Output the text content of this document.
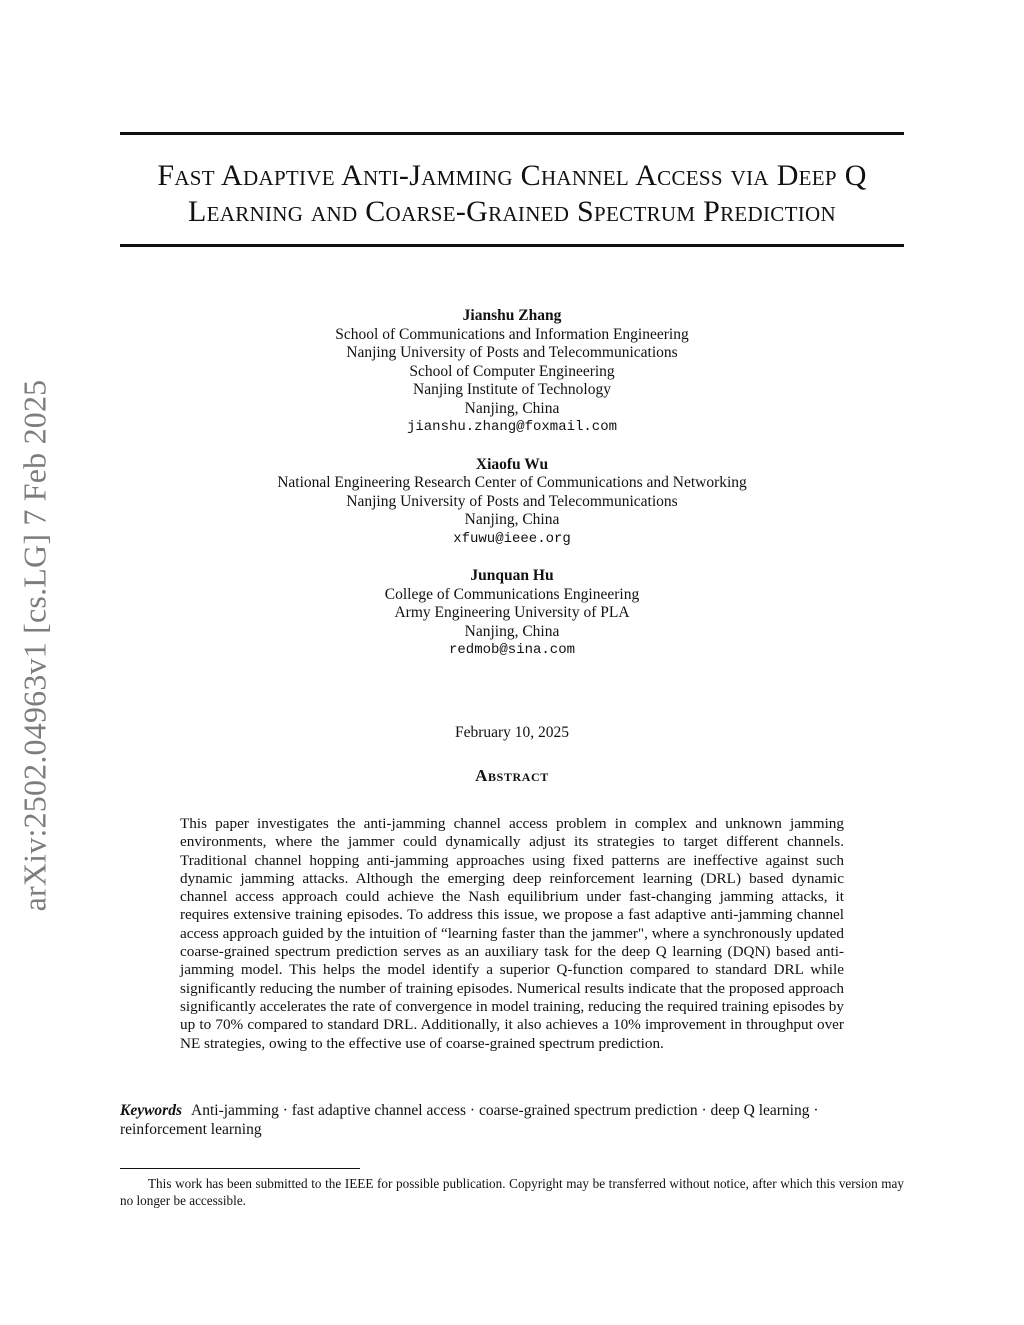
arXiv:2502.04963v1 [cs.LG] 7 Feb 2025
Fast Adaptive Anti-Jamming Channel Access via Deep Q
Learning and Coarse-Grained Spectrum Prediction
Jianshu Zhang
School of Communications and Information Engineering
Nanjing University of Posts and Telecommunications
School of Computer Engineering
Nanjing Institute of Technology
Nanjing, China
jianshu.zhang@foxmail.com
Xiaofu Wu
National Engineering Research Center of Communications and Networking
Nanjing University of Posts and Telecommunications
Nanjing, China
xfuwu@ieee.org
Junquan Hu
College of Communications Engineering
Army Engineering University of PLA
Nanjing, China
redmob@sina.com
February 10, 2025
Abstract
This paper investigates the anti-jamming channel access problem in complex and unknown jamming environments, where the jammer could dynamically adjust its strategies to target different channels. Traditional channel hopping anti-jamming approaches using fixed patterns are ineffective against such dynamic jamming attacks. Although the emerging deep reinforcement learning (DRL) based dynamic channel access approach could achieve the Nash equilibrium under fast-changing jamming attacks, it requires extensive training episodes. To address this issue, we propose a fast adaptive anti-jamming channel access approach guided by the intuition of “learning faster than the jammer", where a synchronously updated coarse-grained spectrum prediction serves as an auxiliary task for the deep Q learning (DQN) based anti-jamming model. This helps the model identify a superior Q-function compared to standard DRL while significantly reducing the number of training episodes. Numerical results indicate that the proposed approach significantly accelerates the rate of convergence in model training, reducing the required training episodes by up to 70% compared to standard DRL. Additionally, it also achieves a 10% improvement in throughput over NE strategies, owing to the effective use of coarse-grained spectrum prediction.
Keywords Anti-jamming · fast adaptive channel access · coarse-grained spectrum prediction · deep Q learning · reinforcement learning
This work has been submitted to the IEEE for possible publication. Copyright may be transferred without notice, after which this version may no longer be accessible.
